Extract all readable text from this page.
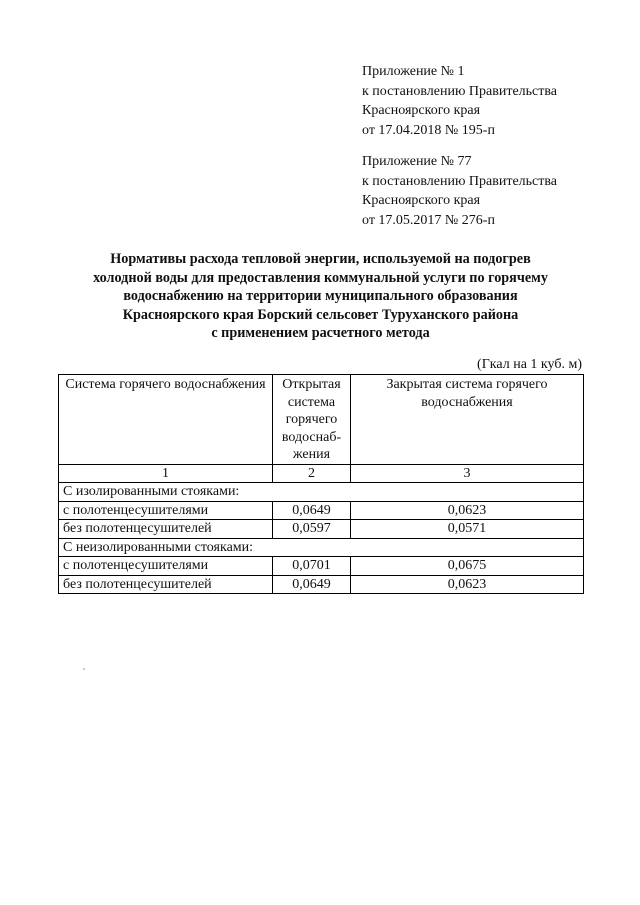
Приложение № 1
к постановлению Правительства
Красноярского края
от 17.04.2018 № 195-п
Приложение № 77
к постановлению Правительства
Красноярского края
от 17.05.2017 № 276-п
Нормативы расхода тепловой энергии, используемой на подогрев
холодной воды для предоставления коммунальной услуги по горячему
водоснабжению на территории муниципального образования
Красноярского края Борский сельсовет Туруханского района
с применением расчетного метода
(Гкал на 1 куб. м)
Система горячего водоснабжения	Открытая система горячего водоснаб-жения	Закрытая система горячего водоснабжения
1	2	3
С изолированными стояками:		
с полотенцесушителями	0,0649	0,0623
без полотенцесушителей	0,0597	0,0571
С неизолированными стояками:		
с полотенцесушителями	0,0701	0,0675
без полотенцесушителей	0,0649	0,0623
